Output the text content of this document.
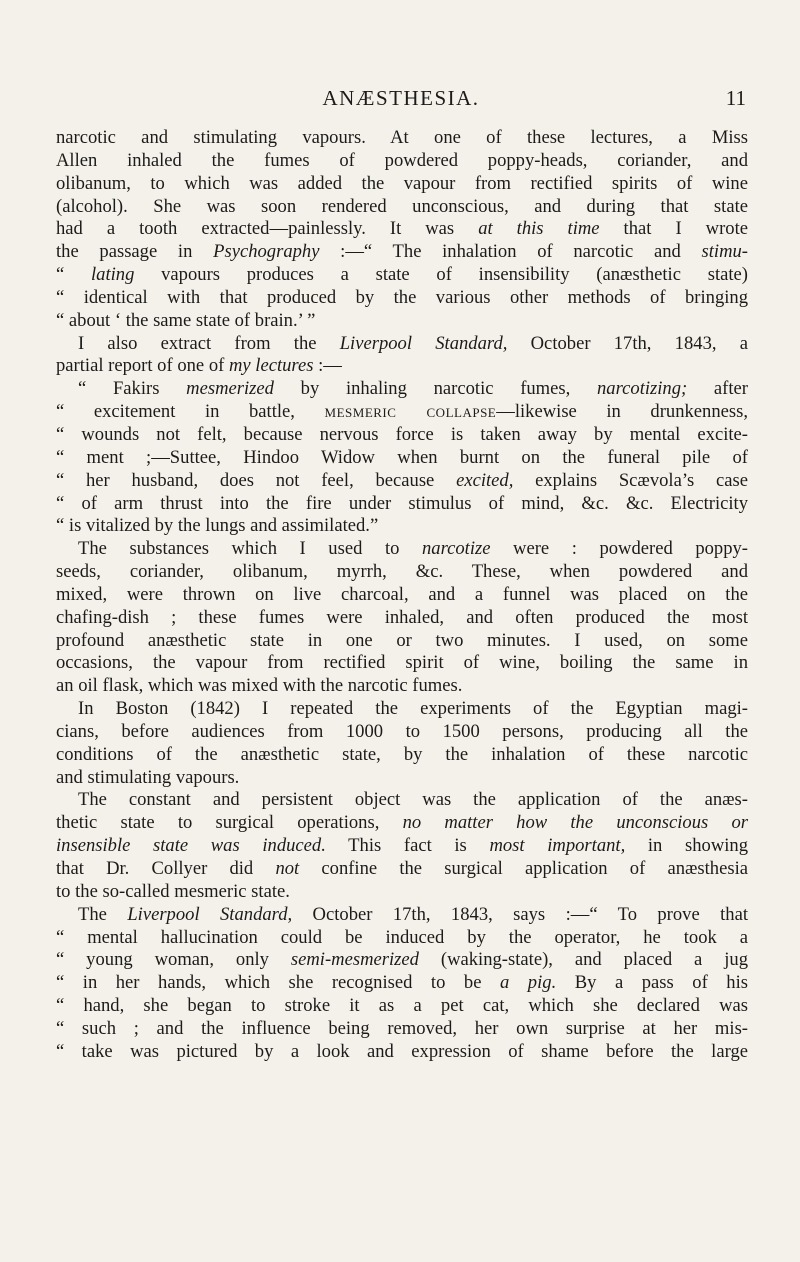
ANÆSTHESIA.	11
narcotic and stimulating vapours. At one of these lectures, a Miss
Allen inhaled the fumes of powdered poppy-heads, coriander, and
olibanum, to which was added the vapour from rectified spirits of wine
(alcohol). She was soon rendered unconscious, and during that state
had a tooth extracted—painlessly. It was at this time that I wrote
the passage in Psychography :—“ The inhalation of narcotic and stimu-
“ lating vapours produces a state of insensibility (anæsthetic state)
“ identical with that produced by the various other methods of bringing
“ about ‘ the same state of brain.’ ”
I also extract from the Liverpool Standard, October 17th, 1843, a
partial report of one of my lectures :—
“ Fakirs mesmerized by inhaling narcotic fumes, narcotizing; after
“ excitement in battle, mesmeric collapse—likewise in drunkenness,
“ wounds not felt, because nervous force is taken away by mental excite-
“ ment ;—Suttee, Hindoo Widow when burnt on the funeral pile of
“ her husband, does not feel, because excited, explains Scævola’s case
“ of arm thrust into the fire under stimulus of mind, &c. &c. Electricity
“ is vitalized by the lungs and assimilated.”
The substances which I used to narcotize were : powdered poppy-
seeds, coriander, olibanum, myrrh, &c. These, when powdered and
mixed, were thrown on live charcoal, and a funnel was placed on the
chafing-dish ; these fumes were inhaled, and often produced the most
profound anæsthetic state in one or two minutes. I used, on some
occasions, the vapour from rectified spirit of wine, boiling the same in
an oil flask, which was mixed with the narcotic fumes.
In Boston (1842) I repeated the experiments of the Egyptian magi-
cians, before audiences from 1000 to 1500 persons, producing all the
conditions of the anæsthetic state, by the inhalation of these narcotic
and stimulating vapours.
The constant and persistent object was the application of the anæs-
thetic state to surgical operations, no matter how the unconscious or
insensible state was induced. This fact is most important, in showing
that Dr. Collyer did not confine the surgical application of anæsthesia
to the so-called mesmeric state.
The Liverpool Standard, October 17th, 1843, says :—“ To prove that
“ mental hallucination could be induced by the operator, he took a
“ young woman, only semi-mesmerized (waking-state), and placed a jug
“ in her hands, which she recognised to be a pig. By a pass of his
“ hand, she began to stroke it as a pet cat, which she declared was
“ such ; and the influence being removed, her own surprise at her mis-
“ take was pictured by a look and expression of shame before the large
